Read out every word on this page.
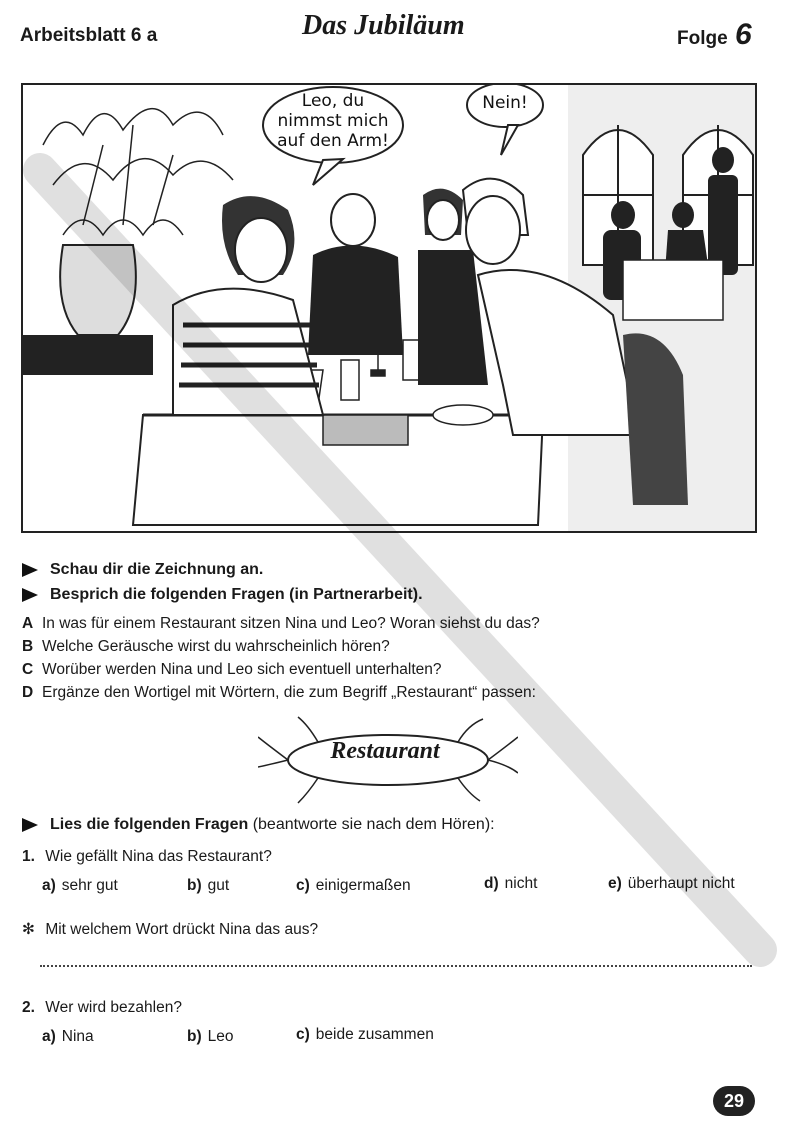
Arbeitsblatt 6 a	Das Jubiläum	Folge 6
Leo, du
nimmst mich
auf den Arm!
Nein!
Schau dir die Zeichnung an.
Besprich die folgenden Fragen (in Partnerarbeit).
A In was für einem Restaurant sitzen Nina und Leo? Woran siehst du das?
B Welche Geräusche wirst du wahrscheinlich hören?
C Worüber werden Nina und Leo sich eventuell unterhalten?
D Ergänze den Wortigel mit Wörtern, die zum Begriff „Restaurant“ passen:
Restaurant
Lies die folgenden Fragen (beantworte sie nach dem Hören):
1. Wie gefällt Nina das Restaurant?
a) sehr gut	b) gut	c) einigermaßen	d) nicht	e) überhaupt nicht
✻ Mit welchem Wort drückt Nina das aus?
2. Wer wird bezahlen?
a) Nina	b) Leo	c) beide zusammen
29
